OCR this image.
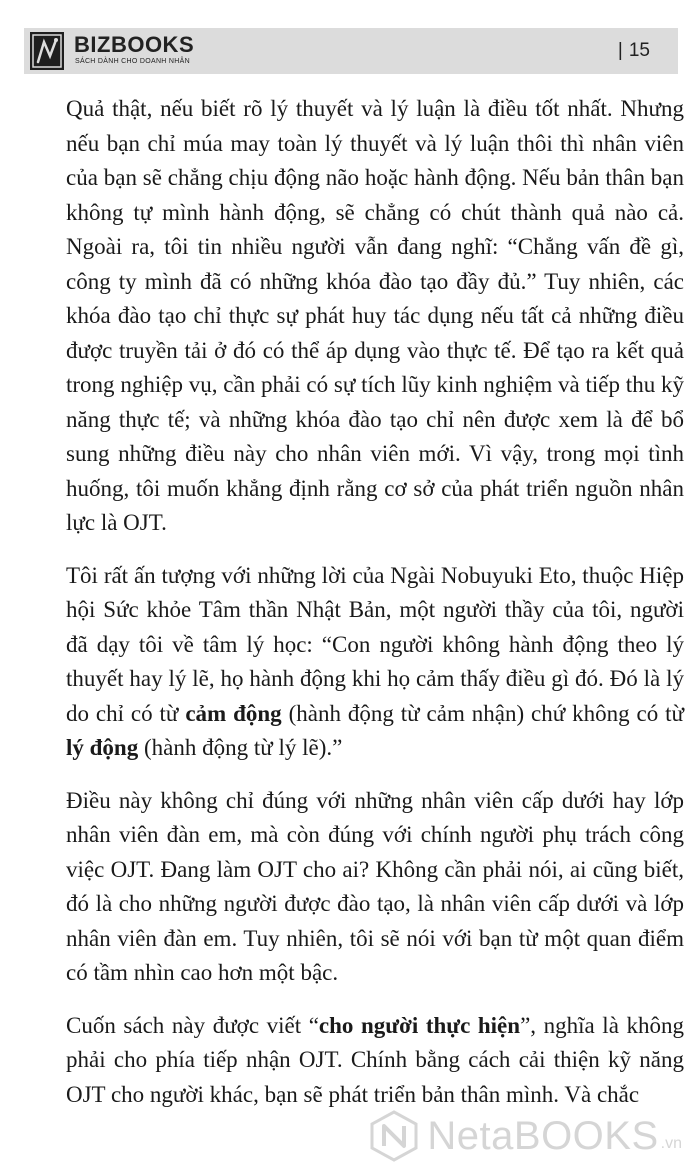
BIZBOOKS
SÁCH DÀNH CHO DOANH NHÂN
| 15

Quả thật, nếu biết rõ lý thuyết và lý luận là điều tốt nhất. Nhưng nếu bạn chỉ múa may toàn lý thuyết và lý luận thôi thì nhân viên của bạn sẽ chẳng chịu động não hoặc hành động. Nếu bản thân bạn không tự mình hành động, sẽ chẳng có chút thành quả nào cả. Ngoài ra, tôi tin nhiều người vẫn đang nghĩ: “Chẳng vấn đề gì, công ty mình đã có những khóa đào tạo đầy đủ.” Tuy nhiên, các khóa đào tạo chỉ thực sự phát huy tác dụng nếu tất cả những điều được truyền tải ở đó có thể áp dụng vào thực tế. Để tạo ra kết quả trong nghiệp vụ, cần phải có sự tích lũy kinh nghiệm và tiếp thu kỹ năng thực tế; và những khóa đào tạo chỉ nên được xem là để bổ sung những điều này cho nhân viên mới. Vì vậy, trong mọi tình huống, tôi muốn khẳng định rằng cơ sở của phát triển nguồn nhân lực là OJT.

Tôi rất ấn tượng với những lời của Ngài Nobuyuki Eto, thuộc Hiệp hội Sức khỏe Tâm thần Nhật Bản, một người thầy của tôi, người đã dạy tôi về tâm lý học: “Con người không hành động theo lý thuyết hay lý lẽ, họ hành động khi họ cảm thấy điều gì đó. Đó là lý do chỉ có từ cảm động (hành động từ cảm nhận) chứ không có từ lý động (hành động từ lý lẽ).”

Điều này không chỉ đúng với những nhân viên cấp dưới hay lớp nhân viên đàn em, mà còn đúng với chính người phụ trách công việc OJT. Đang làm OJT cho ai? Không cần phải nói, ai cũng biết, đó là cho những người được đào tạo, là nhân viên cấp dưới và lớp nhân viên đàn em. Tuy nhiên, tôi sẽ nói với bạn từ một quan điểm có tầm nhìn cao hơn một bậc.

Cuốn sách này được viết “cho người thực hiện”, nghĩa là không phải cho phía tiếp nhận OJT. Chính bằng cách cải thiện kỹ năng OJT cho người khác, bạn sẽ phát triển bản thân mình. Và chắc

NetaBOOKS .vn
